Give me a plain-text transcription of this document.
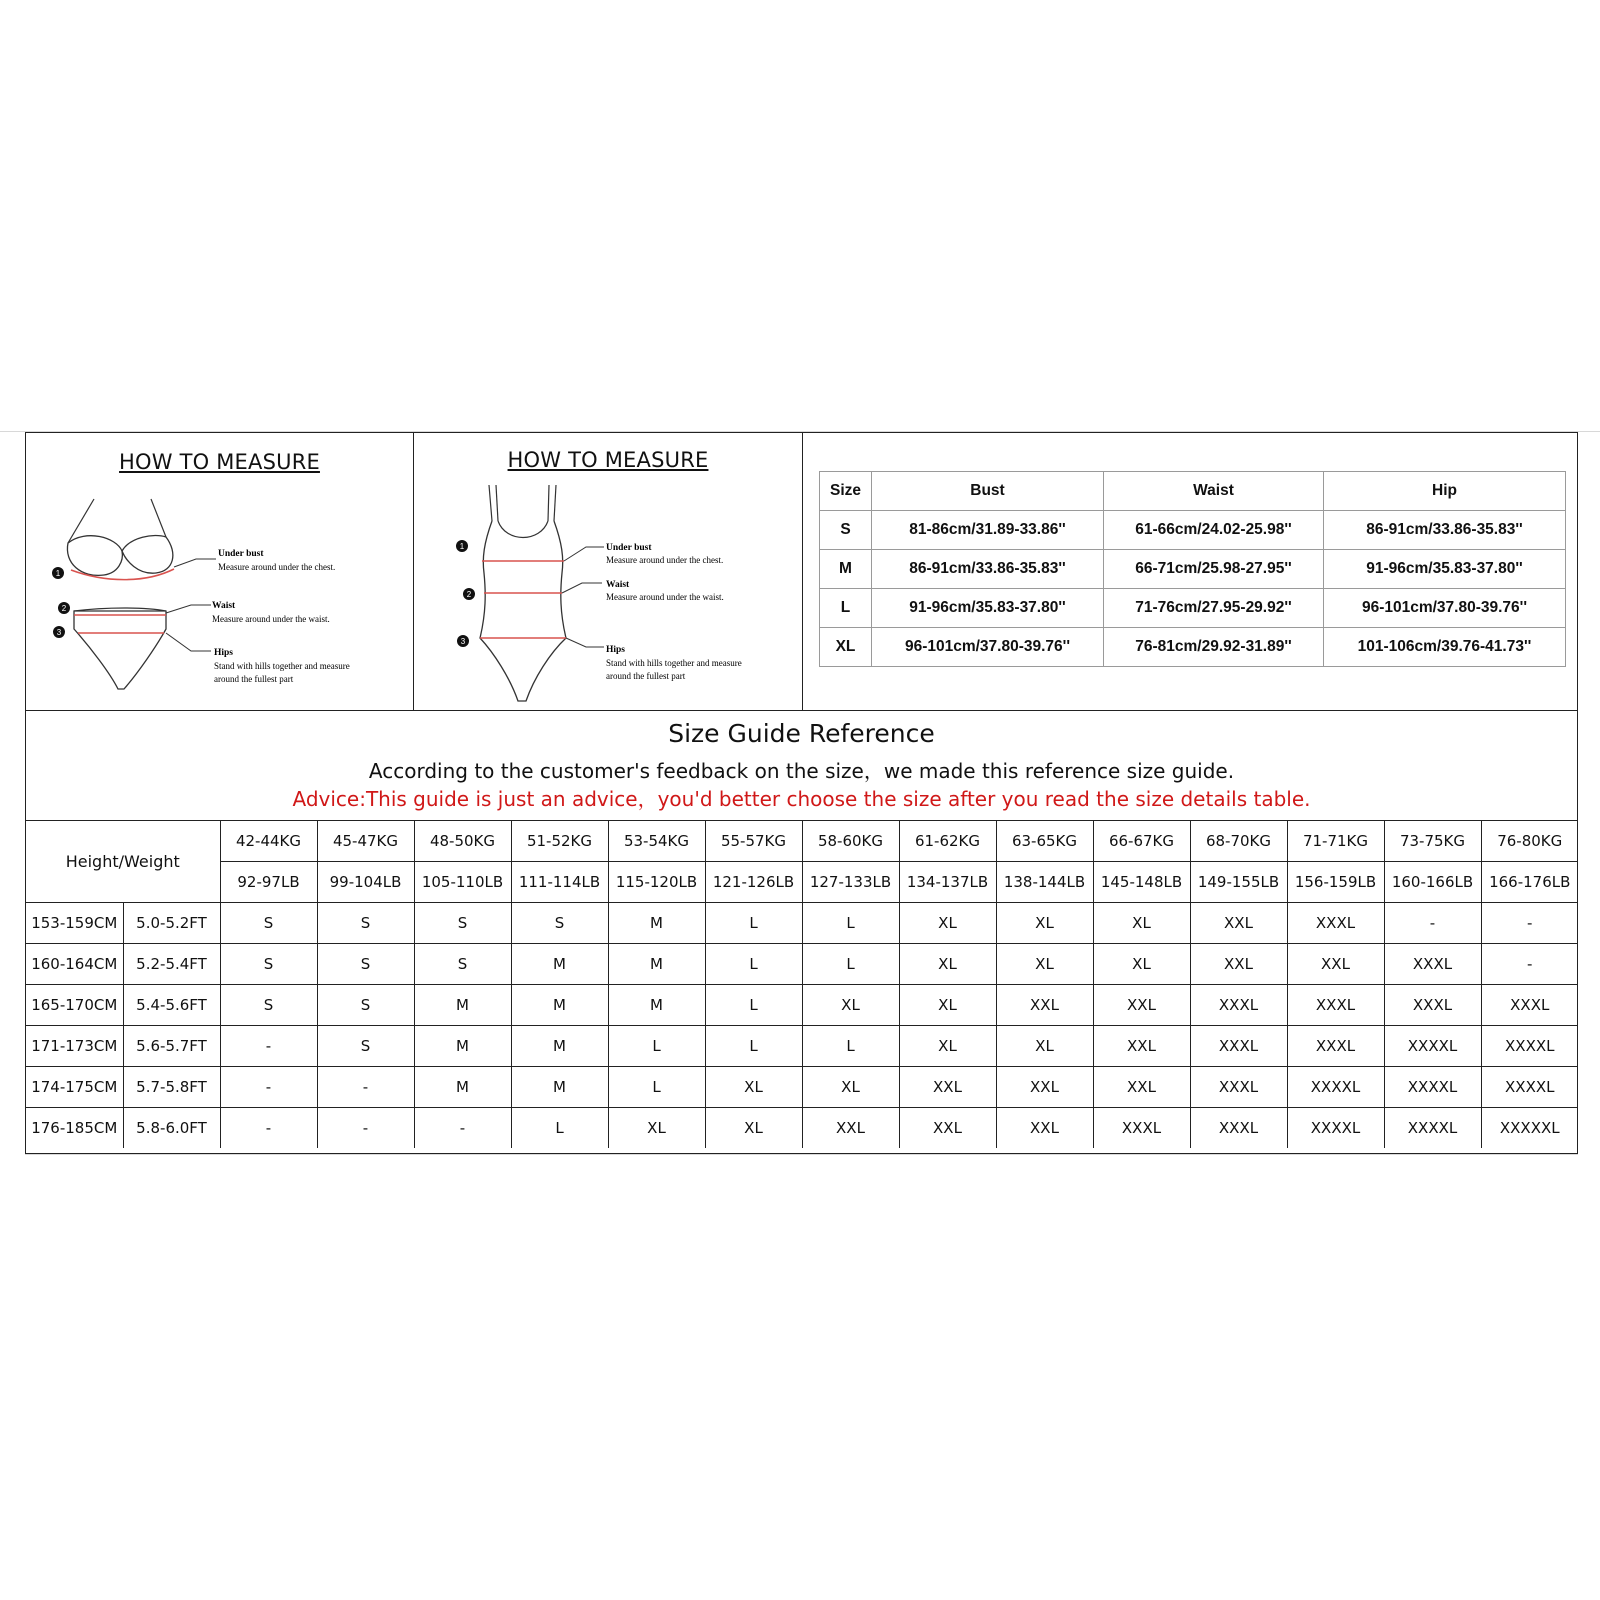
HOW TO MEASURE
1
2
3
Under bust
Measure around under the chest.
Waist
Measure around under the waist.
Hips
Stand with hills together and measure
around the fullest part
HOW TO MEASURE
1
2
3
Under bust
Measure around under the chest.
Waist
Measure around under the waist.
Hips
Stand with hills together and measure
around the fullest part
Size	Bust	Waist	Hip
S	81-86cm/31.89-33.86''	61-66cm/24.02-25.98''	86-91cm/33.86-35.83''
M	86-91cm/33.86-35.83''	66-71cm/25.98-27.95''	91-96cm/35.83-37.80''
L	91-96cm/35.83-37.80''	71-76cm/27.95-29.92''	96-101cm/37.80-39.76''
XL	96-101cm/37.80-39.76''	76-81cm/29.92-31.89''	101-106cm/39.76-41.73''
Size Guide Reference
According to the customer's feedback on the size，we made this reference size guide.
Advice:This guide is just an advice，you'd better choose the size after you read the size details table.
Height/Weight		42-44KG	45-47KG	48-50KG	51-52KG	53-54KG	55-57KG	58-60KG	61-62KG	63-65KG	66-67KG	68-70KG	71-71KG	73-75KG	76-80KG
		92-97LB	99-104LB	105-110LB	111-114LB	115-120LB	121-126LB	127-133LB	134-137LB	138-144LB	145-148LB	149-155LB	156-159LB	160-166LB	166-176LB
153-159CM	5.0-5.2FT	S	S	S	S	M	L	L	XL	XL	XL	XXL	XXXL	-	-
160-164CM	5.2-5.4FT	S	S	S	M	M	L	L	XL	XL	XL	XXL	XXL	XXXL	-
165-170CM	5.4-5.6FT	S	S	M	M	M	L	XL	XL	XXL	XXL	XXXL	XXXL	XXXL	XXXL
171-173CM	5.6-5.7FT	-	S	M	M	L	L	L	XL	XL	XXL	XXXL	XXXL	XXXXL	XXXXL
174-175CM	5.7-5.8FT	-	-	M	M	L	XL	XL	XXL	XXL	XXL	XXXL	XXXXL	XXXXL	XXXXL
176-185CM	5.8-6.0FT	-	-	-	L	XL	XL	XXL	XXL	XXL	XXXL	XXXL	XXXXL	XXXXL	XXXXXL
